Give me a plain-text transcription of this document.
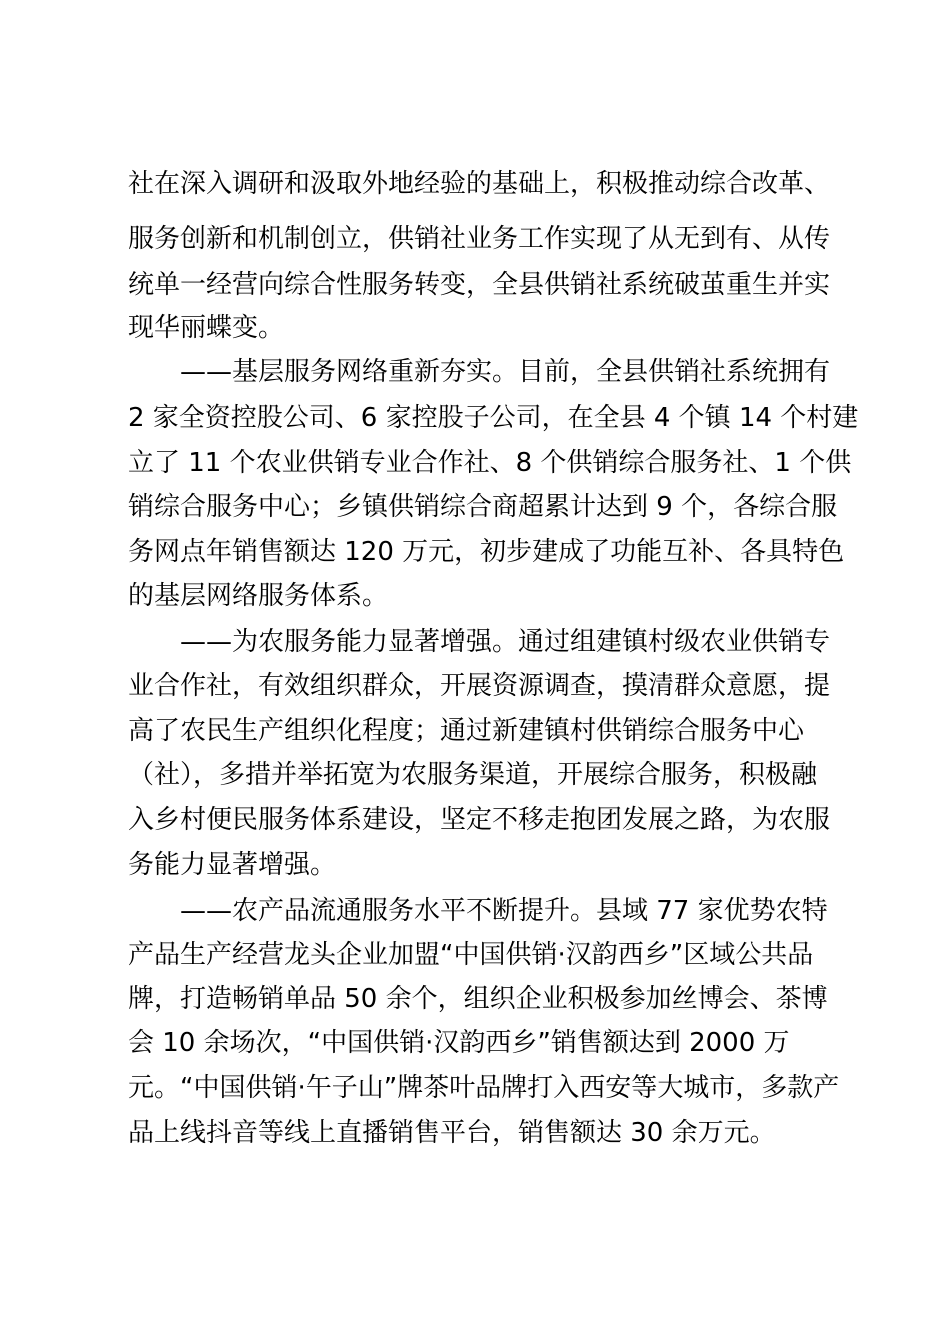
社在深入调研和汲取外地经验的基础上，积极推动综合改革、
服务创新和机制创立，供销社业务工作实现了从无到有、从传
统单一经营向综合性服务转变，全县供销社系统破茧重生并实
现华丽蝶变。
——基层服务网络重新夯实。目前，全县供销社系统拥有
2 家全资控股公司、6 家控股子公司，在全县 4 个镇 14 个村建
立了 11 个农业供销专业合作社、8 个供销综合服务社、1 个供
销综合服务中心；乡镇供销综合商超累计达到 9 个，各综合服
务网点年销售额达 120 万元，初步建成了功能互补、各具特色
的基层网络服务体系。
——为农服务能力显著增强。通过组建镇村级农业供销专
业合作社，有效组织群众，开展资源调查，摸清群众意愿，提
高了农民生产组织化程度；通过新建镇村供销综合服务中心
（社），多措并举拓宽为农服务渠道，开展综合服务，积极融
入乡村便民服务体系建设，坚定不移走抱团发展之路，为农服
务能力显著增强。
——农产品流通服务水平不断提升。县域 77 家优势农特
产品生产经营龙头企业加盟“中国供销·汉韵西乡”区域公共品
牌，打造畅销单品 50 余个，组织企业积极参加丝博会、茶博
会 10 余场次，“中国供销·汉韵西乡”销售额达到 2000 万
元。“中国供销·午子山”牌茶叶品牌打入西安等大城市，多款产
品上线抖音等线上直播销售平台，销售额达 30 余万元。
